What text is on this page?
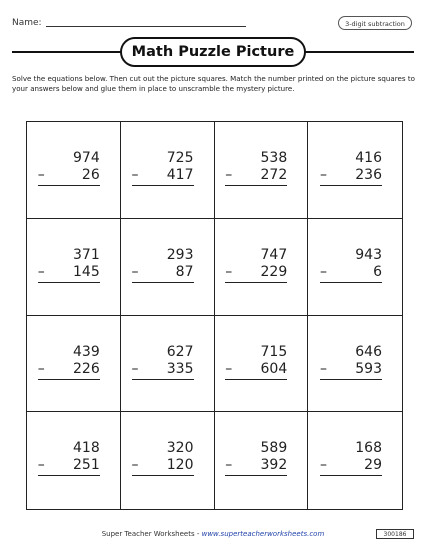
Name:	3-digit subtraction
Math Puzzle Picture
Solve the equations below. Then cut out the picture squares. Match the number printed on the picture squares to your answers below and glue them in place to unscramble the mystery picture.
974
–	26
725
–	417
538
–	272
416
–	236
371
–	145
293
–	87
747
–	229
943
–	6
439
–	226
627
–	335
715
–	604
646
–	593
418
–	251
320
–	120
589
–	392
168
–	29
Super Teacher Worksheets - www.superteacherworksheets.com	300186
